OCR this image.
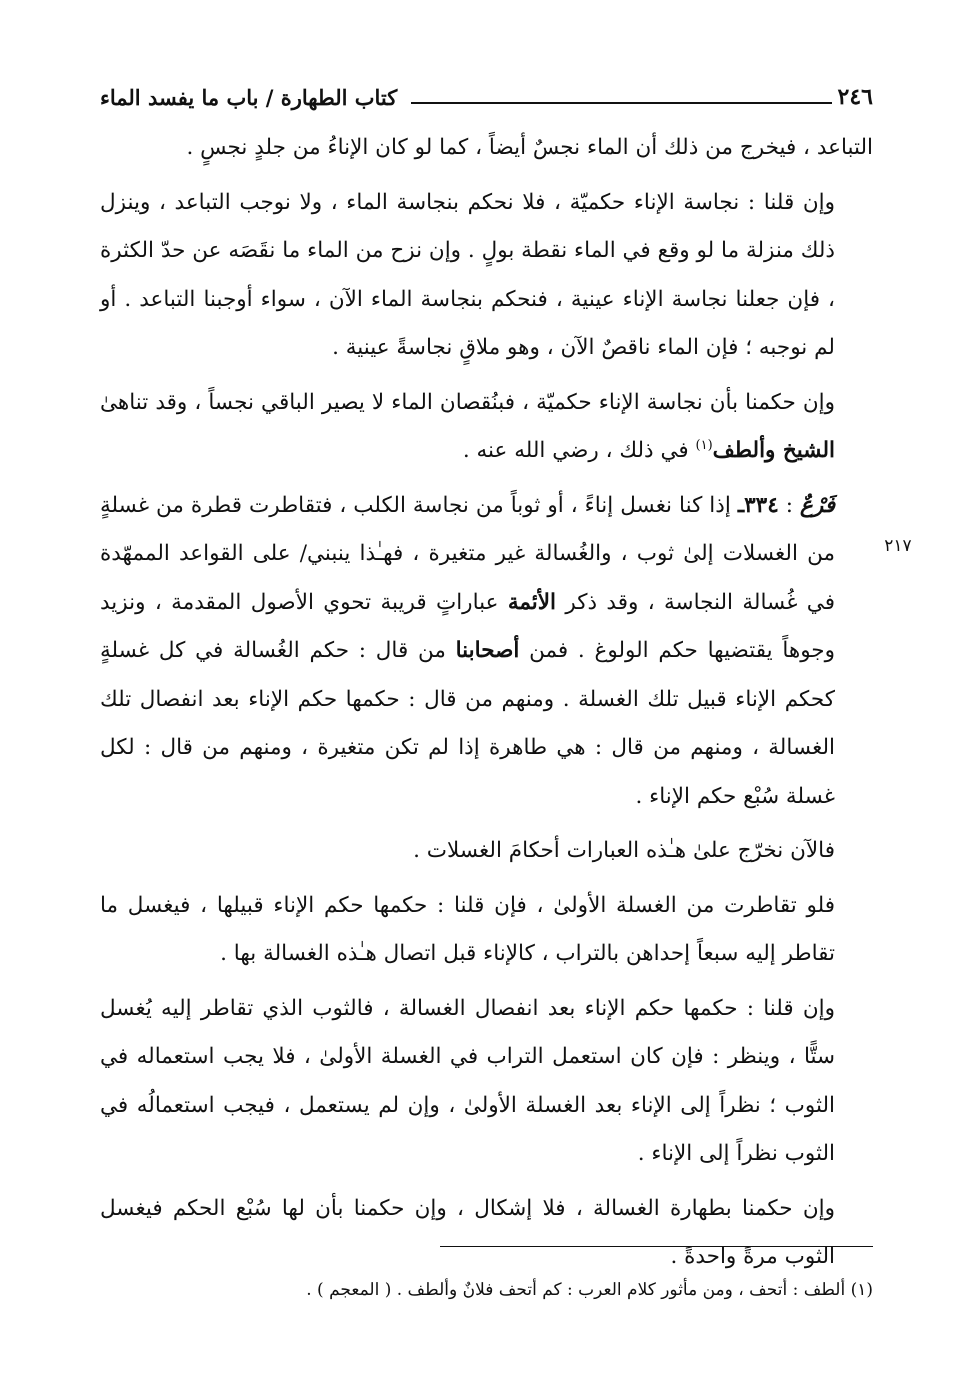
٢٤٦
كتاب الطهارة / باب ما يفسد الماء

التباعد ، فيخرج من ذلك أن الماء نجسٌ أيضاً ، كما لو كان الإناءُ من جلدٍ نجسٍ .

وإن قلنا : نجاسة الإناء حكميّة ، فلا نحكم بنجاسة الماء ، ولا نوجب التباعد ، وينزل ذلك منزلة ما لو وقع في الماء نقطة بولٍ . وإن نزح من الماء ما نقَصَه عن حدّ الكثرة ، فإن جعلنا نجاسة الإناء عينية ، فنحكم بنجاسة الماء الآن ، سواء أوجبنا التباعد . أو لم نوجبه ؛ فإن الماء ناقصٌ الآن ، وهو ملاقٍ نجاسةً عينية .

وإن حكمنا بأن نجاسة الإناء حكميّة ، فبنُقصان الماء لا يصير الباقي نجساً ، وقد تناهىٰ الشيخ وألطف$^{(١)}$ في ذلك ، رضي الله عنه .

فَرْعٌ : ٣٣٤ـ إذا كنا نغسل إناءً ، أو ثوباً من نجاسة الكلب ، فتقاطرت قطرة من غسلةٍ من الغسلات إلىٰ ثوب ، والغُسالة غير متغيرة ، فهـٰذا ينبني/ على القواعد الممهّدة في غُسالة النجاسة ، وقد ذكر الأئمة عباراتٍ قريبة تحوي الأصول المقدمة ، ونزيد وجوهاً يقتضيها حكم الولوغ . فمن أصحابنا من قال : حكم الغُسالة في كل غسلةٍ كحكم الإناء قبيل تلك الغسلة . ومنهم من قال : حكمها حكم الإناء بعد انفصال تلك الغسالة ، ومنهم من قال : هي طاهرة إذا لم تكن متغيرة ، ومنهم من قال : لكل غسلة سُبْع حكم الإناء .

فالآن نخرّج علىٰ هـٰذه العبارات أحكامَ الغسلات .

فلو تقاطرت من الغسلة الأولىٰ ، فإن قلنا : حكمها حكم الإناء قبيلها ، فيغسل ما تقاطر إليه سبعاً إحداهن بالتراب ، كالإناء قبل اتصال هـٰذه الغسالة بها .

وإن قلنا : حكمها حكم الإناء بعد انفصال الغسالة ، فالثوب الذي تقاطر إليه يُغسل ستًّا ، وينظر : فإن كان استعمل التراب في الغسلة الأولىٰ ، فلا يجب استعماله في الثوب ؛ نظراً إلى الإناء بعد الغسلة الأولىٰ ، وإن لم يستعمل ، فيجب استعمالُه في الثوب نظراً إلى الإناء .

وإن حكمنا بطهارة الغسالة ، فلا إشكال ، وإن حكمنا بأن لها سُبْع الحكم فيغسل الثوب مرةً واحدةً .

٢١٧
(١) ألطف : أتحف ، ومن مأثور كلام العرب : كم أتحف فلانٌ وألطف . ( المعجم ) .
